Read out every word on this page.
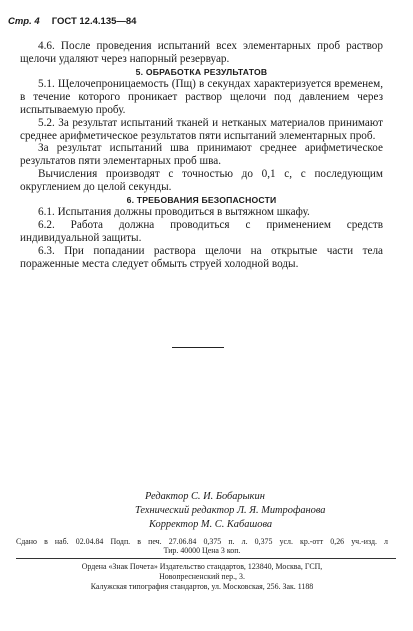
Стр. 4 ГОСТ 12.4.135—84

4.6. После проведения испытаний всех элементарных проб раствор щелочи удаляют через напорный резервуар.

5. ОБРАБОТКА РЕЗУЛЬТАТОВ

5.1. Щелочепроницаемость (Пщ) в секундах характеризуется временем, в течение которого проникает раствор щелочи под давлением через испытываемую пробу.

5.2. За результат испытаний тканей и нетканых материалов принимают среднее арифметическое результатов пяти испытаний элементарных проб.

За результат испытаний шва принимают среднее арифметическое результатов пяти элементарных проб шва.

Вычисления производят с точностью до 0,1 с, с последующим округлением до целой секунды.

6. ТРЕБОВАНИЯ БЕЗОПАСНОСТИ

6.1. Испытания должны проводиться в вытяжном шкафу.

6.2. Работа должна проводиться с применением средств индивидуальной защиты.

6.3. При попадании раствора щелочи на открытые части тела пораженные места следует обмыть струей холодной воды.

Редактор С. И. Бобарыкин
Технический редактор Л. Я. Митрофанова
Корректор М. С. Кабашова
Сдано в наб. 02.04.84 Подп. в печ. 27.06.84 0,375 п. л. 0,375 усл. кр.-отт 0,26 уч.-изд. л
Тир. 40000 Цена 3 коп.
Ордена «Знак Почета» Издательство стандартов, 123840, Москва, ГСП,
Новопресненский пер., 3.
Калужская типография стандартов, ул. Московская, 256. Зак. 1188
